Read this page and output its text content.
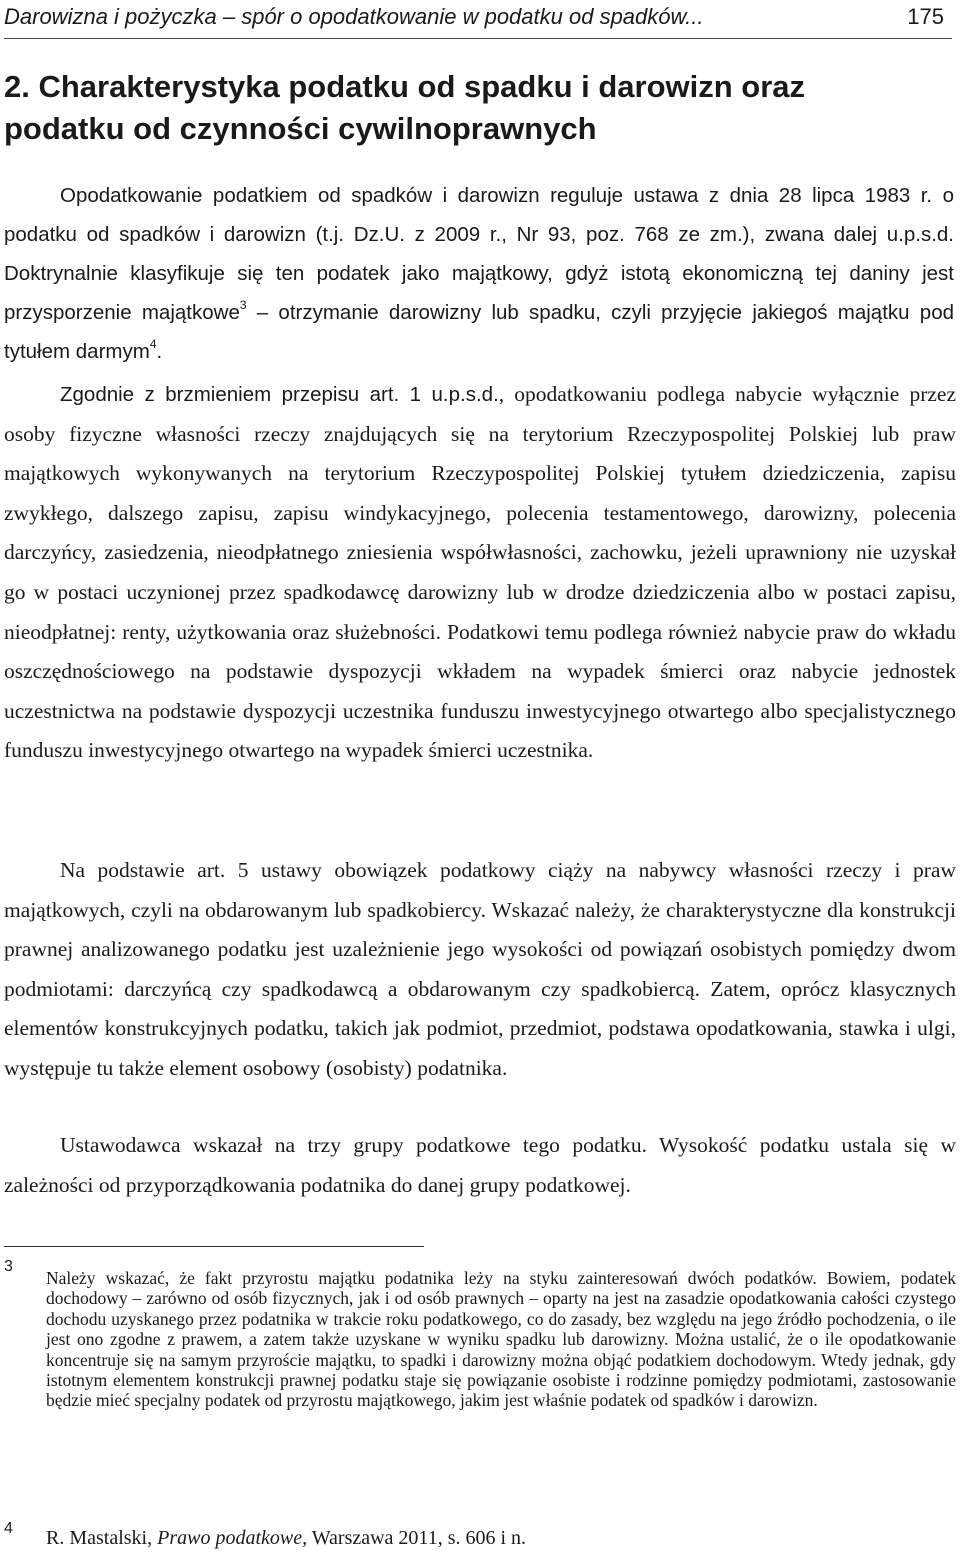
Darowizna i pożyczka – spór o opodatkowanie w podatku od spadków...	175
2. Charakterystyka podatku od spadku i darowizn oraz
podatku od czynności cywilnoprawnych

Opodatkowanie podatkiem od spadków i darowizn reguluje ustawa z dnia 28 lipca 1983 r. o podatku od spadków i darowizn (t.j. Dz.U. z 2009 r., Nr 93, poz. 768 ze zm.), zwana dalej u.p.s.d. Doktrynalnie klasyfikuje się ten podatek jako majątkowy, gdyż istotą ekonomiczną tej daniny jest przysporzenie majątkowe$^3$ – otrzymanie darowizny lub spadku, czyli przyjęcie jakiegoś majątku pod tytułem darmym$^4$.

Zgodnie z brzmieniem przepisu art. 1 u.p.s.d., opodatkowaniu podlega nabycie wyłącznie przez osoby fizyczne własności rzeczy znajdujących się na terytorium Rzeczypospolitej Polskiej lub praw majątkowych wykonywanych na terytorium Rzeczypospolitej Polskiej tytułem dziedziczenia, zapisu zwykłego, dalszego zapisu, zapisu windykacyjnego, polecenia testamentowego, darowizny, polecenia darczyńcy, zasiedzenia, nieodpłatnego zniesienia współwłasności, zachowku, jeżeli uprawniony nie uzyskał go w postaci uczynionej przez spadkodawcę darowizny lub w drodze dziedziczenia albo w postaci zapisu, nieodpłatnej: renty, użytkowania oraz służebności. Podatkowi temu podlega również nabycie praw do wkładu oszczędnościowego na podstawie dyspozycji wkładem na wypadek śmierci oraz nabycie jednostek uczestnictwa na podstawie dyspozycji uczestnika funduszu inwestycyjnego otwartego albo specjalistycznego funduszu inwestycyjnego otwartego na wypadek śmierci uczestnika.

Na podstawie art. 5 ustawy obowiązek podatkowy ciąży na nabywcy własności rzeczy i praw majątkowych, czyli na obdarowanym lub spadkobiercy. Wskazać należy, że charakterystyczne dla konstrukcji prawnej analizowanego podatku jest uzależnienie jego wysokości od powiązań osobistych pomiędzy dwom podmiotami: darczyńcą czy spadkodawcą a obdarowanym czy spadkobiercą. Zatem, oprócz klasycznych elementów konstrukcyjnych podatku, takich jak podmiot, przedmiot, podstawa opodatkowania, stawka i ulgi, występuje tu także element osobowy (osobisty) podatnika.

Ustawodawca wskazał na trzy grupy podatkowe tego podatku. Wysokość podatku ustala się w zależności od przyporządkowania podatnika do danej grupy podatkowej.

3

Należy wskazać, że fakt przyrostu majątku podatnika leży na styku zainteresowań dwóch podatków. Bowiem, podatek dochodowy – zarówno od osób fizycznych, jak i od osób prawnych – oparty na jest na zasadzie opodatkowania całości czystego dochodu uzyskanego przez podatnika w trakcie roku podatkowego, co do zasady, bez względu na jego źródło pochodzenia, o ile jest ono zgodne z prawem, a zatem także uzyskane w wyniku spadku lub darowizny. Można ustalić, że o ile opodatkowanie koncentruje się na samym przyroście majątku, to spadki i darowizny można objąć podatkiem dochodowym. Wtedy jednak, gdy istotnym elementem konstrukcji prawnej podatku staje się powiązanie osobiste i rodzinne pomiędzy podmiotami, zastosowanie będzie mieć specjalny podatek od przyrostu majątkowego, jakim jest właśnie podatek od spadków i darowizn.

4	R. Mastalski, Prawo podatkowe, Warszawa 2011, s. 606 i n.
